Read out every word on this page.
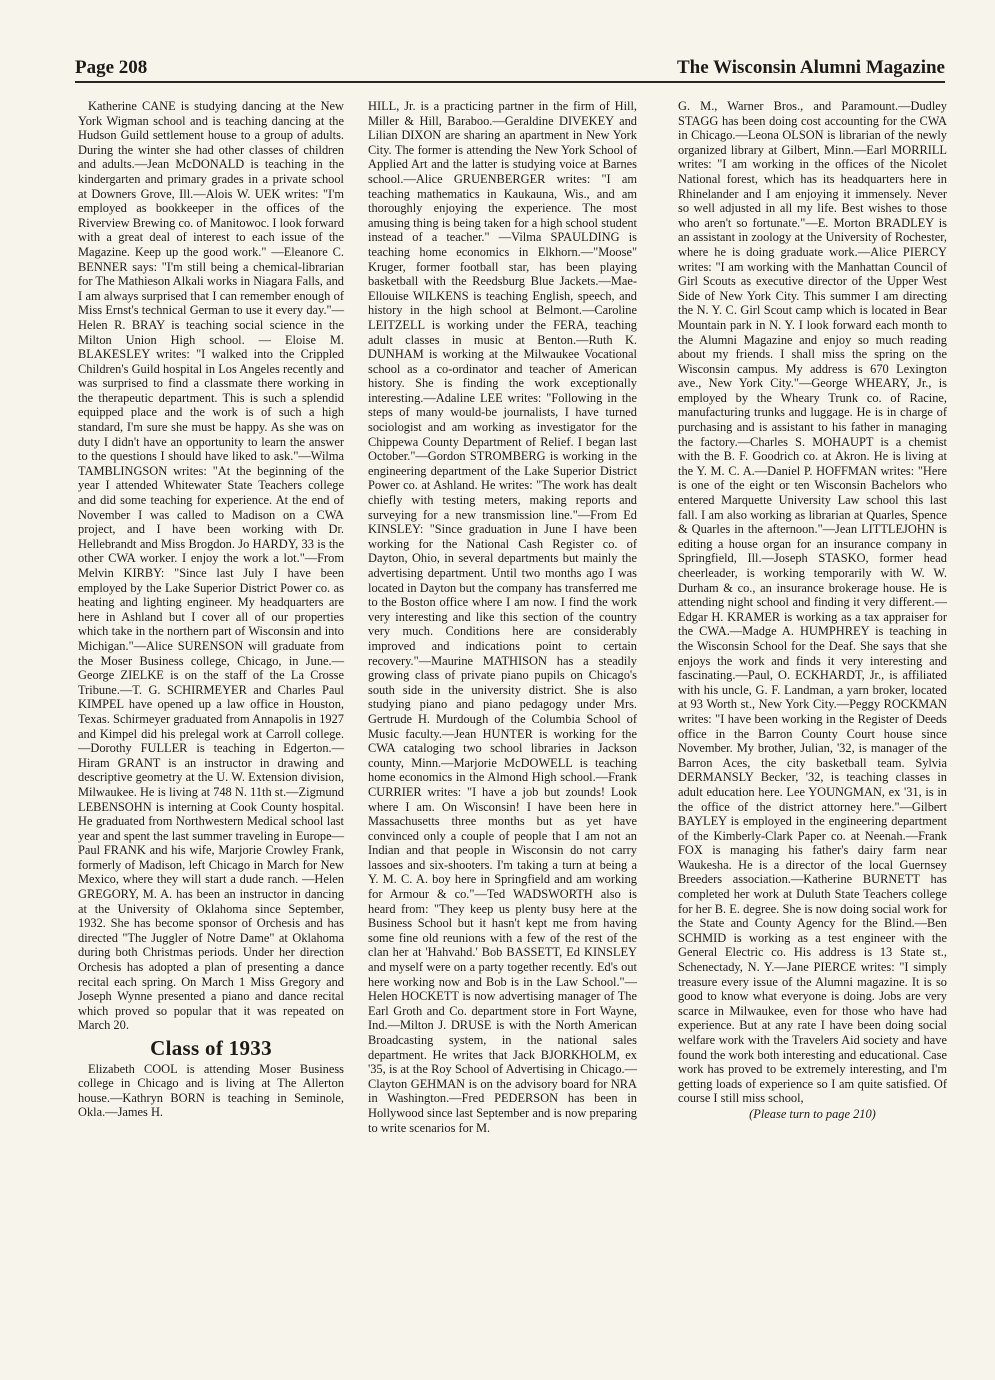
Page 208	The Wisconsin Alumni Magazine

Katherine CANE is studying dancing at the New York Wigman school and is teaching dancing at the Hudson Guild settlement house to a group of adults. During the winter she had other classes of children and adults.—Jean McDONALD is teaching in the kindergarten and primary grades in a private school at Downers Grove, Ill.—Alois W. UEK writes: "I'm employed as bookkeeper in the offices of the Riverview Brewing co. of Manitowoc. I look forward with a great deal of interest to each issue of the Magazine. Keep up the good work." —Eleanore C. BENNER says: "I'm still being a chemical-librarian for The Mathieson Alkali works in Niagara Falls, and I am always surprised that I can remember enough of Miss Ernst's technical German to use it every day."—Helen R. BRAY is teaching social science in the Milton Union High school. — Eloise M. BLAKESLEY writes: "I walked into the Crippled Children's Guild hospital in Los Angeles recently and was surprised to find a classmate there working in the therapeutic department. This is such a splendid equipped place and the work is of such a high standard, I'm sure she must be happy. As she was on duty I didn't have an opportunity to learn the answer to the questions I should have liked to ask."—Wilma TAMBLINGSON writes: "At the beginning of the year I attended Whitewater State Teachers college and did some teaching for experience. At the end of November I was called to Madison on a CWA project, and I have been working with Dr. Hellebrandt and Miss Brogdon. Jo HARDY, 33 is the other CWA worker. I enjoy the work a lot."—From Melvin KIRBY: "Since last July I have been employed by the Lake Superior District Power co. as heating and lighting engineer. My headquarters are here in Ashland but I cover all of our properties which take in the northern part of Wisconsin and into Michigan."—Alice SURENSON will graduate from the Moser Business college, Chicago, in June.—George ZIELKE is on the staff of the La Crosse Tribune.—T. G. SCHIRMEYER and Charles Paul KIMPEL have opened up a law office in Houston, Texas. Schirmeyer graduated from Annapolis in 1927 and Kimpel did his prelegal work at Carroll college.—Dorothy FULLER is teaching in Edgerton.—Hiram GRANT is an instructor in drawing and descriptive geometry at the U. W. Extension division, Milwaukee. He is living at 748 N. 11th st.—Zigmund LEBENSOHN is interning at Cook County hospital. He graduated from Northwestern Medical school last year and spent the last summer traveling in Europe—Paul FRANK and his wife, Marjorie Crowley Frank, formerly of Madison, left Chicago in March for New Mexico, where they will start a dude ranch. —Helen GREGORY, M. A. has been an instructor in dancing at the University of Oklahoma since September, 1932. She has become sponsor of Orchesis and has directed "The Juggler of Notre Dame" at Oklahoma during both Christmas periods. Under her direction Orchesis has adopted a plan of presenting a dance recital each spring. On March 1 Miss Gregory and Joseph Wynne presented a piano and dance recital which proved so popular that it was repeated on March 20.

Class of 1933

Elizabeth COOL is attending Moser Business college in Chicago and is living at The Allerton house.—Kathryn BORN is teaching in Seminole, Okla.—James H.

HILL, Jr. is a practicing partner in the firm of Hill, Miller & Hill, Baraboo.—Geraldine DIVEKEY and Lilian DIXON are sharing an apartment in New York City. The former is attending the New York School of Applied Art and the latter is studying voice at Barnes school.—Alice GRUENBERGER writes: "I am teaching mathematics in Kaukauna, Wis., and am thoroughly enjoying the experience. The most amusing thing is being taken for a high school student instead of a teacher." —Vilma SPAULDING is teaching home economics in Elkhorn.—"Moose" Kruger, former football star, has been playing basketball with the Reedsburg Blue Jackets.—Mae-Ellouise WILKENS is teaching English, speech, and history in the high school at Belmont.—Caroline LEITZELL is working under the FERA, teaching adult classes in music at Benton.—Ruth K. DUNHAM is working at the Milwaukee Vocational school as a co-ordinator and teacher of American history. She is finding the work exceptionally interesting.—Adaline LEE writes: "Following in the steps of many would-be journalists, I have turned sociologist and am working as investigator for the Chippewa County Department of Relief. I began last October."—Gordon STROMBERG is working in the engineering department of the Lake Superior District Power co. at Ashland. He writes: "The work has dealt chiefly with testing meters, making reports and surveying for a new transmission line."—From Ed KINSLEY: "Since graduation in June I have been working for the National Cash Register co. of Dayton, Ohio, in several departments but mainly the advertising department. Until two months ago I was located in Dayton but the company has transferred me to the Boston office where I am now. I find the work very interesting and like this section of the country very much. Conditions here are considerably improved and indications point to certain recovery."—Maurine MATHISON has a steadily growing class of private piano pupils on Chicago's south side in the university district. She is also studying piano and piano pedagogy under Mrs. Gertrude H. Murdough of the Columbia School of Music faculty.—Jean HUNTER is working for the CWA cataloging two school libraries in Jackson county, Minn.—Marjorie McDOWELL is teaching home economics in the Almond High school.—Frank CURRIER writes: "I have a job but zounds! Look where I am. On Wisconsin! I have been here in Massachusetts three months but as yet have convinced only a couple of people that I am not an Indian and that people in Wisconsin do not carry lassoes and six-shooters. I'm taking a turn at being a Y. M. C. A. boy here in Springfield and am working for Armour & co."—Ted WADSWORTH also is heard from: "They keep us plenty busy here at the Business School but it hasn't kept me from having some fine old reunions with a few of the rest of the clan her at 'Hahvahd.' Bob BASSETT, Ed KINSLEY and myself were on a party together recently. Ed's out here working now and Bob is in the Law School."—Helen HOCKETT is now advertising manager of The Earl Groth and Co. department store in Fort Wayne, Ind.—Milton J. DRUSE is with the North American Broadcasting system, in the national sales department. He writes that Jack BJORKHOLM, ex '35, is at the Roy School of Advertising in Chicago.—Clayton GEHMAN is on the advisory board for NRA in Washington.—Fred PEDERSON has been in Hollywood since last September and is now preparing to write scenarios for M.

G. M., Warner Bros., and Paramount.—Dudley STAGG has been doing cost accounting for the CWA in Chicago.—Leona OLSON is librarian of the newly organized library at Gilbert, Minn.—Earl MORRILL writes: "I am working in the offices of the Nicolet National forest, which has its headquarters here in Rhinelander and I am enjoying it immensely. Never so well adjusted in all my life. Best wishes to those who aren't so fortunate."—E. Morton BRADLEY is an assistant in zoology at the University of Rochester, where he is doing graduate work.—Alice PIERCY writes: "I am working with the Manhattan Council of Girl Scouts as executive director of the Upper West Side of New York City. This summer I am directing the N. Y. C. Girl Scout camp which is located in Bear Mountain park in N. Y. I look forward each month to the Alumni Magazine and enjoy so much reading about my friends. I shall miss the spring on the Wisconsin campus. My address is 670 Lexington ave., New York City."—George WHEARY, Jr., is employed by the Wheary Trunk co. of Racine, manufacturing trunks and luggage. He is in charge of purchasing and is assistant to his father in managing the factory.—Charles S. MOHAUPT is a chemist with the B. F. Goodrich co. at Akron. He is living at the Y. M. C. A.—Daniel P. HOFFMAN writes: "Here is one of the eight or ten Wisconsin Bachelors who entered Marquette University Law school this last fall. I am also working as librarian at Quarles, Spence & Quarles in the afternoon."—Jean LITTLEJOHN is editing a house organ for an insurance company in Springfield, Ill.—Joseph STASKO, former head cheerleader, is working temporarily with W. W. Durham & co., an insurance brokerage house. He is attending night school and finding it very different.—Edgar H. KRAMER is working as a tax appraiser for the CWA.—Madge A. HUMPHREY is teaching in the Wisconsin School for the Deaf. She says that she enjoys the work and finds it very interesting and fascinating.—Paul, O. ECKHARDT, Jr., is affiliated with his uncle, G. F. Landman, a yarn broker, located at 93 Worth st., New York City.—Peggy ROCKMAN writes: "I have been working in the Register of Deeds office in the Barron County Court house since November. My brother, Julian, '32, is manager of the Barron Aces, the city basketball team. Sylvia DERMANSLY Becker, '32, is teaching classes in adult education here. Lee YOUNGMAN, ex '31, is in the office of the district attorney here."—Gilbert BAYLEY is employed in the engineering department of the Kimberly-Clark Paper co. at Neenah.—Frank FOX is managing his father's dairy farm near Waukesha. He is a director of the local Guernsey Breeders association.—Katherine BURNETT has completed her work at Duluth State Teachers college for her B. E. degree. She is now doing social work for the State and County Agency for the Blind.—Ben SCHMID is working as a test engineer with the General Electric co. His address is 13 State st., Schenectady, N. Y.—Jane PIERCE writes: "I simply treasure every issue of the Alumni magazine. It is so good to know what everyone is doing. Jobs are very scarce in Milwaukee, even for those who have had experience. But at any rate I have been doing social welfare work with the Travelers Aid society and have found the work both interesting and educational. Case work has proved to be extremely interesting, and I'm getting loads of experience so I am quite satisfied. Of course I still miss school,

(Please turn to page 210)
